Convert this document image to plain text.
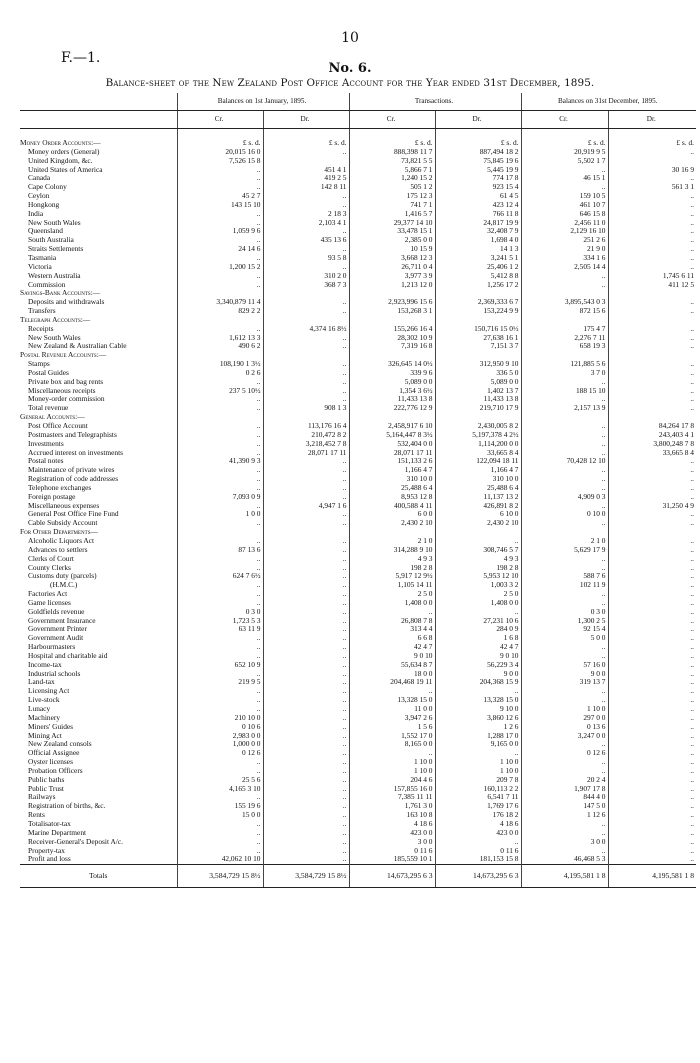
10
F.—1.
No. 6.
Balance-sheet of the New Zealand Post Office Account for the Year ended 31st December, 1895.
	Balances on 1st January, 1895.		Transactions.		Balances on 31st December, 1895.	
	Cr.	Dr.	Cr.	Dr.	Cr.	Dr.
Money Order Accounts:—	£ s. d.	£ s. d.	£ s. d.	£ s. d.	£ s. d.	£ s. d.
Money orders (General)	20,015 16 0	..	888,398 11 7	887,494 18 2	20,919 9 5	..
United Kingdom, &c.	7,526 15 8		73,821 5 5	75,845 19 6	5,502 1 7	
United States of America	..	451 4 1	5,866 7 1	5,445 19 9	..	30 16 9
Canada	..	419 2 5	1,240 15 2	774 17 8	46 15 1	..
Cape Colony	..	142 8 11	505 1 2	923 15 4	..	561 3 1
Ceylon	45 2 7	..	175 12 3	61 4 5	159 10 5	..
Hongkong	143 15 10	..	741 7 1	423 12 4	461 10 7	..
India	..	2 18 3	1,416 5 7	766 11 8	646 15 8	..
New South Wales	..	2,103 4 1	29,377 14 10	24,817 19 9	2,456 11 0	..
Queensland	1,059 9 6	..	33,478 15 1	32,408 7 9	2,129 16 10	..
South Australia	..	435 13 6	2,385 0 0	1,698 4 0	251 2 6	..
Straits Settlements	24 14 6	..	10 15 9	14 1 3	21 9 0	..
Tasmania	..	93 5 8	3,668 12 3	3,241 5 1	334 1 6	..
Victoria	1,200 15 2	..	26,711 0 4	25,406 1 2	2,505 14 4	..
Western Australia	..	310 2 0	3,977 3 9	5,412 8 8	..	1,745 6 11
Commission	..	368 7 3	1,213 12 0	1,256 17 2	..	411 12 5
Savings-Bank Accounts:—						
Deposits and withdrawals	3,340,879 11 4	..	2,923,996 15 6	2,369,333 6 7	3,895,543 0 3	..
Transfers	829 2 2	..	153,268 3 1	153,224 9 9	872 15 6	..
Telegraph Accounts:—						
Receipts	..	4,374 16 8½	155,266 16 4	150,716 15 0½	175 4 7	..
New South Wales	1,612 13 3	..	28,302 10 9	27,638 16 1	2,276 7 11	..
New Zealand & Australian Cable	490 6 2	..	7,319 16 8	7,151 3 7	658 19 3	..
Postal Revenue Accounts:—						
Stamps	108,190 1 3½	..	326,645 14 0½	312,950 9 10	121,885 5 6	..
Postal Guides	0 2 6	..	339 9 6	336 5 0	3 7 0	..
Private box and bag rents	..	..	5,089 0 0	5,089 0 0	..	..
Miscellaneous receipts	237 5 10½	..	1,354 3 6½	1,402 13 7	188 15 10	..
Money-order commission	..	..	11,433 13 8	11,433 13 8	..	..
Total revenue	..	908 1 3	222,776 12 9	219,710 17 9	2,157 13 9	..
General Accounts:—						
Post Office Account	..	113,176 16 4	2,458,917 6 10	2,430,005 8 2	..	84,264 17 8
Postmasters and Telegraphists	..	210,472 8 2	5,164,447 8 3½	5,197,378 4 2½	..	243,403 4 1
Investments	..	3,218,452 7 8	532,404 0 0	1,114,200 0 0	..	3,800,248 7 8
Accrued interest on investments	..	28,071 17 11	28,071 17 11	33,665 8 4	..	33,665 8 4
Postal notes	41,390 9 3	..	151,133 2 6	122,094 18 11	70,428 12 10	..
Maintenance of private wires	..	..	1,166 4 7	1,166 4 7	..	..
Registration of code addresses	..	..	310 10 0	310 10 0	..	..
Telephone exchanges	..	..	25,488 6 4	25,488 6 4	..	..
Foreign postage	7,093 0 9	..	8,953 12 8	11,137 13 2	4,909 0 3	..
Miscellaneous expenses	..	4,947 1 6	400,588 4 11	426,891 8 2	..	31,250 4 9
General Post Office Fine Fund	1 0 0	..	6 0 0	6 10 0	0 10 0	..
Cable Subsidy Account	..	..	2,430 2 10	2,430 2 10	..	..
For Other Departments—						
Alcoholic Liquors Act	..	..	2 1 0	..	2 1 0	..
Advances to settlers	87 13 6	..	314,288 9 10	308,746 5 7	5,629 17 9	..
Clerks of Court	..	..	4 9 3	4 9 3	..	..
County Clerks	..	..	198 2 8	198 2 8	..	..
Customs duty (parcels)	624 7 6½	..	5,917 12 9½	5,953 12 10	588 7 6	..
(H.M.C.)	..	..	1,105 14 11	1,003 3 2	102 11 9	..
Factories Act	..	..	2 5 0	2 5 0	..	..
Game licenses	..	..	1,408 0 0	1,408 0 0	..	..
Goldfields revenue	0 3 0	..	..	..	0 3 0	..
Government Insurance	1,723 5 3	..	26,808 7 8	27,231 10 6	1,300 2 5	..
Government Printer	63 11 9	..	313 4 4	284 0 9	92 15 4	..
Government Audit	..	..	6 6 8	1 6 8	5 0 0	..
Harbourmasters	..	..	42 4 7	42 4 7	..	..
Hospital and charitable aid	..	..	9 0 10	9 0 10	..	..
Income-tax	652 10 9	..	55,634 8 7	56,229 3 4	57 16 0	..
Industrial schools	..	..	18 0 0	9 0 0	9 0 0	..
Land-tax	219 9 5	..	204,468 19 11	204,368 15 9	319 13 7	..
Licensing Act	..	..	..	..	..	..
Live-stock	..	..	13,328 15 0	13,328 15 0	..	..
Lunacy	..	..	11 0 0	9 10 0	1 10 0	..
Machinery	210 10 0	..	3,947 2 6	3,860 12 6	297 0 0	..
Miners' Guides	0 10 6	..	1 5 6	1 2 6	0 13 6	..
Mining Act	2,983 0 0	..	1,552 17 0	1,288 17 0	3,247 0 0	..
New Zealand consols	1,000 0 0	..	8,165 0 0	9,165 0 0	..	..
Official Assignee	0 12 6	..	..	..	0 12 6	..
Oyster licenses	..	..	1 10 0	1 10 0	..	..
Probation Officers	..	..	1 10 0	1 10 0	..	..
Public baths	25 5 6	..	204 4 6	209 7 8	20 2 4	..
Public Trust	4,165 3 10	..	157,855 16 0	160,113 2 2	1,907 17 8	..
Railways	..	..	7,385 11 11	6,541 7 11	844 4 0	..
Registration of births, &c.	155 19 6	..	1,761 3 0	1,769 17 6	147 5 0	..
Rents	15 0 0	..	163 10 8	176 18 2	1 12 6	..
Totalisator-tax	..	..	4 18 6	4 18 6	..	..
Marine Department	..	..	423 0 0	423 0 0	..	..
Receiver-General's Deposit A/c.	..	..	3 0 0	..	3 0 0	..
Property-tax	..	..	0 11 6	0 11 6	..	..
Profit and loss	42,062 10 10	..	185,559 10 1	181,153 15 8	46,468 5 3	..
Totals	3,584,729 15 8½	3,584,729 15 8½	14,673,295 6 3	14,673,295 6 3	4,195,581 1 8	4,195,581 1 8
